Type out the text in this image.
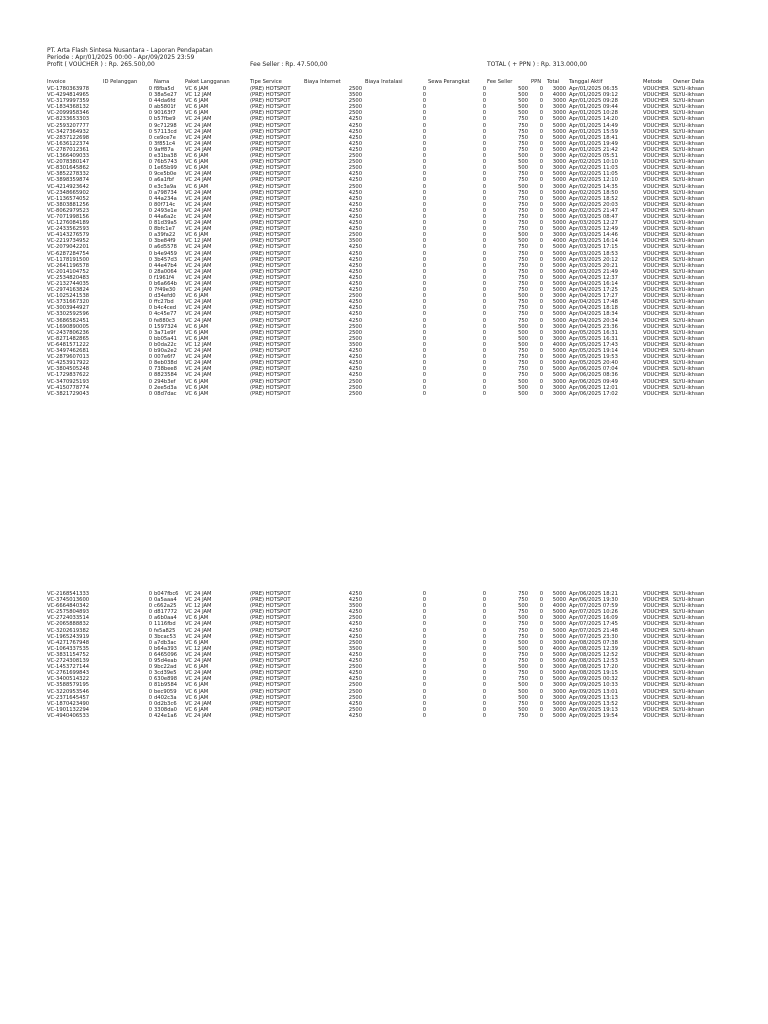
PT. Arta Flash Sintesa Nusantara - Laporan Pendapatan
Periode : Apr/01/2025 00:00 - Apr/09/2025 23:59
Profit ( VOUCHER ) : Rp. 265.500,00	Fee Seller : Rp. 47.500,00	TOTAL ( + PPN ) : Rp. 313.000,00
Invoice	ID Pelanggan	Nama	Paket Langganan	Tipe Service	Biaya Internet	Biaya Instalasi	Sewa Perangkat	Fee Seller	PPN Total Tanggal Aktif	Metode Owner Data
VC-1780363978	0 f8fba5d	VC 6 JAM	(PRE) HOTSPOT	2500	0	0	500	0	3000 Apr/01/2025 06:35	VOUCHER SLYU-ikhsan
VC-4294814965	0 38a5e27	VC 12 JAM	(PRE) HOTSPOT	3500	0	0	500	0	4000 Apr/01/2025 09:12	VOUCHER SLYU-ikhsan
VC-3179997359	0 44da6fd	VC 6 JAM	(PRE) HOTSPOT	2500	0	0	500	0	3000 Apr/01/2025 09:28	VOUCHER SLYU-ikhsan
VC-1834368132	0 ab5801f	VC 6 JAM	(PRE) HOTSPOT	2500	0	0	500	0	3000 Apr/01/2025 09:44	VOUCHER SLYU-ikhsan
VC-2099958346	0 90163f7	VC 6 JAM	(PRE) HOTSPOT	2500	0	0	500	0	3000 Apr/01/2025 10:28	VOUCHER SLYU-ikhsan
VC-8233653303	0 b57fbe9	VC 24 JAM	(PRE) HOTSPOT	4250	0	0	750	0	5000 Apr/01/2025 14:20	VOUCHER SLYU-ikhsan
VC-2593207777	0 9c71298	VC 24 JAM	(PRE) HOTSPOT	4250	0	0	750	0	5000 Apr/01/2025 14:49	VOUCHER SLYU-ikhsan
VC-3427364932	0 57113cd	VC 24 JAM	(PRE) HOTSPOT	4250	0	0	750	0	5000 Apr/01/2025 15:59	VOUCHER SLYU-ikhsan
VC-2837122698	0 ce9ce7e	VC 24 JAM	(PRE) HOTSPOT	4250	0	0	750	0	5000 Apr/01/2025 18:41	VOUCHER SLYU-ikhsan
VC-1636122374	0 3f851c4	VC 24 JAM	(PRE) HOTSPOT	4250	0	0	750	0	5000 Apr/01/2025 19:49	VOUCHER SLYU-ikhsan
VC-2787012361	0 9aff87a	VC 24 JAM	(PRE) HOTSPOT	4250	0	0	750	0	5000 Apr/01/2025 21:42	VOUCHER SLYU-ikhsan
VC-1366409033	0 e31ba38	VC 6 JAM	(PRE) HOTSPOT	2500	0	0	500	0	3000 Apr/02/2025 05:51	VOUCHER SLYU-ikhsan
VC-2078380147	0 76b5743	VC 6 JAM	(PRE) HOTSPOT	2500	0	0	500	0	3000 Apr/02/2025 10:10	VOUCHER SLYU-ikhsan
VC-8301645862	0 1e65b99	VC 6 JAM	(PRE) HOTSPOT	2500	0	0	500	0	3000 Apr/02/2025 11:03	VOUCHER SLYU-ikhsan
VC-3852278332	0 9ce5b0e	VC 24 JAM	(PRE) HOTSPOT	4250	0	0	750	0	5000 Apr/02/2025 11:05	VOUCHER SLYU-ikhsan
VC-3898359874	0 a6a1fbf	VC 24 JAM	(PRE) HOTSPOT	4250	0	0	750	0	5000 Apr/02/2025 12:10	VOUCHER SLYU-ikhsan
VC-4214923642	0 e3c3a9a	VC 6 JAM	(PRE) HOTSPOT	2500	0	0	500	0	3000 Apr/02/2025 14:35	VOUCHER SLYU-ikhsan
VC-2348665902	0 a798734	VC 24 JAM	(PRE) HOTSPOT	4250	0	0	750	0	5000 Apr/02/2025 18:50	VOUCHER SLYU-ikhsan
VC-1136574052	0 44a234a	VC 24 JAM	(PRE) HOTSPOT	4250	0	0	750	0	5000 Apr/02/2025 18:52	VOUCHER SLYU-ikhsan
VC-3803881256	0 80f714c	VC 24 JAM	(PRE) HOTSPOT	4250	0	0	750	0	5000 Apr/02/2025 20:03	VOUCHER SLYU-ikhsan
VC-8062979523	0 2493e1e	VC 24 JAM	(PRE) HOTSPOT	4250	0	0	750	0	5000 Apr/02/2025 21:47	VOUCHER SLYU-ikhsan
VC-7071998156	0 44a6a2c	VC 24 JAM	(PRE) HOTSPOT	4250	0	0	750	0	5000 Apr/03/2025 08:47	VOUCHER SLYU-ikhsan
VC-1276084189	0 81d39a5	VC 24 JAM	(PRE) HOTSPOT	4250	0	0	750	0	5000 Apr/03/2025 12:27	VOUCHER SLYU-ikhsan
VC-2433562593	0 8bfc1e7	VC 24 JAM	(PRE) HOTSPOT	4250	0	0	750	0	5000 Apr/03/2025 12:49	VOUCHER SLYU-ikhsan
VC-4143276579	0 a39fa22	VC 6 JAM	(PRE) HOTSPOT	2500	0	0	500	0	3000 Apr/03/2025 14:46	VOUCHER SLYU-ikhsan
VC-2219734952	0 3be84f9	VC 12 JAM	(PRE) HOTSPOT	3500	0	0	500	0	4000 Apr/03/2025 16:14	VOUCHER SLYU-ikhsan
VC-2079042201	0 a6d5578	VC 24 JAM	(PRE) HOTSPOT	4250	0	0	750	0	5000 Apr/03/2025 17:15	VOUCHER SLYU-ikhsan
VC-6287284754	0 b4e9459	VC 24 JAM	(PRE) HOTSPOT	4250	0	0	750	0	5000 Apr/03/2025 18:53	VOUCHER SLYU-ikhsan
VC-1178191500	0 3b457d3	VC 24 JAM	(PRE) HOTSPOT	4250	0	0	750	0	5000 Apr/03/2025 20:12	VOUCHER SLYU-ikhsan
VC-2641196578	0 44e47b4	VC 24 JAM	(PRE) HOTSPOT	4250	0	0	750	0	5000 Apr/03/2025 20:21	VOUCHER SLYU-ikhsan
VC-2014104752	0 28a0064	VC 24 JAM	(PRE) HOTSPOT	4250	0	0	750	0	5000 Apr/03/2025 21:49	VOUCHER SLYU-ikhsan
VC-2534820483	0 f1961f4	VC 24 JAM	(PRE) HOTSPOT	4250	0	0	750	0	5000 Apr/04/2025 12:37	VOUCHER SLYU-ikhsan
VC-2132744035	0 b6a664b	VC 24 JAM	(PRE) HOTSPOT	4250	0	0	750	0	5000 Apr/04/2025 16:14	VOUCHER SLYU-ikhsan
VC-2974163824	0 7f49e30	VC 24 JAM	(PRE) HOTSPOT	4250	0	0	750	0	5000 Apr/04/2025 17:25	VOUCHER SLYU-ikhsan
VC-1025241538	0 d34efd0	VC 6 JAM	(PRE) HOTSPOT	2500	0	0	500	0	3000 Apr/04/2025 17:27	VOUCHER SLYU-ikhsan
VC-3731667320	0 ffc27bd	VC 24 JAM	(PRE) HOTSPOT	4250	0	0	750	0	5000 Apr/04/2025 17:48	VOUCHER SLYU-ikhsan
VC-3003944927	0 b4c4ced	VC 24 JAM	(PRE) HOTSPOT	4250	0	0	750	0	5000 Apr/04/2025 18:18	VOUCHER SLYU-ikhsan
VC-3302592596	0 4c45e77	VC 24 JAM	(PRE) HOTSPOT	4250	0	0	750	0	5000 Apr/04/2025 18:34	VOUCHER SLYU-ikhsan
VC-3686582451	0 fe880c3	VC 24 JAM	(PRE) HOTSPOT	4250	0	0	750	0	5000 Apr/04/2025 20:34	VOUCHER SLYU-ikhsan
VC-1690890005	0 1597324	VC 6 JAM	(PRE) HOTSPOT	2500	0	0	500	0	3000 Apr/04/2025 23:36	VOUCHER SLYU-ikhsan
VC-2437806236	0 3a71e9f	VC 6 JAM	(PRE) HOTSPOT	2500	0	0	500	0	3000 Apr/05/2025 16:31	VOUCHER SLYU-ikhsan
VC-8271482865	0 bb05a41	VC 6 JAM	(PRE) HOTSPOT	2500	0	0	500	0	3000 Apr/05/2025 16:31	VOUCHER SLYU-ikhsan
VC-6481571222	0 b0da22c	VC 12 JAM	(PRE) HOTSPOT	3500	0	0	500	0	4000 Apr/05/2025 17:43	VOUCHER SLYU-ikhsan
VC-3497462681	0 b90a2e2	VC 24 JAM	(PRE) HOTSPOT	4250	0	0	750	0	5000 Apr/05/2025 19:14	VOUCHER SLYU-ikhsan
VC-2879607013	0 007e6f7	VC 24 JAM	(PRE) HOTSPOT	4250	0	0	750	0	5000 Apr/05/2025 19:53	VOUCHER SLYU-ikhsan
VC-4253917922	0 8eb038d	VC 24 JAM	(PRE) HOTSPOT	4250	0	0	750	0	5000 Apr/05/2025 20:40	VOUCHER SLYU-ikhsan
VC-3804505248	0 738bee8	VC 24 JAM	(PRE) HOTSPOT	4250	0	0	750	0	5000 Apr/06/2025 07:04	VOUCHER SLYU-ikhsan
VC-1729837622	0 8823584	VC 24 JAM	(PRE) HOTSPOT	4250	0	0	750	0	5000 Apr/06/2025 08:36	VOUCHER SLYU-ikhsan
VC-3470925193	0 294b3ef	VC 6 JAM	(PRE) HOTSPOT	2500	0	0	500	0	3000 Apr/06/2025 09:49	VOUCHER SLYU-ikhsan
VC-4150778774	0 2ee5d3a	VC 6 JAM	(PRE) HOTSPOT	2500	0	0	500	0	3000 Apr/06/2025 12:01	VOUCHER SLYU-ikhsan
VC-3821729043	0 08d7dac	VC 6 JAM	(PRE) HOTSPOT	2500	0	0	500	0	3000 Apr/06/2025 17:02	VOUCHER SLYU-ikhsan
VC-2168541333	0 b047fbc6	VC 24 JAM	(PRE) HOTSPOT	4250	0	0	750	0	5000 Apr/06/2025 18:21	VOUCHER SLYU-ikhsan
VC-3745013600	0 0a5aaa4	VC 24 JAM	(PRE) HOTSPOT	4250	0	0	750	0	5000 Apr/06/2025 19:30	VOUCHER SLYU-ikhsan
VC-6664840342	0 c662a25	VC 12 JAM	(PRE) HOTSPOT	3500	0	0	500	0	4000 Apr/07/2025 07:59	VOUCHER SLYU-ikhsan
VC-2575804893	0 d817772	VC 24 JAM	(PRE) HOTSPOT	4250	0	0	750	0	5000 Apr/07/2025 10:26	VOUCHER SLYU-ikhsan
VC-2724033514	0 a6b0aa4	VC 6 JAM	(PRE) HOTSPOT	2500	0	0	500	0	3000 Apr/07/2025 16:09	VOUCHER SLYU-ikhsan
VC-2065888832	0 1116fbd	VC 24 JAM	(PRE) HOTSPOT	4250	0	0	750	0	5000 Apr/07/2025 17:45	VOUCHER SLYU-ikhsan
VC-3202619382	0 fe5a825	VC 24 JAM	(PRE) HOTSPOT	4250	0	0	750	0	5000 Apr/07/2025 21:48	VOUCHER SLYU-ikhsan
VC-1965243919	0 3bcac53	VC 24 JAM	(PRE) HOTSPOT	4250	0	0	750	0	5000 Apr/07/2025 23:30	VOUCHER SLYU-ikhsan
VC-4271767948	0 a7db3ac	VC 6 JAM	(PRE) HOTSPOT	2500	0	0	500	0	3000 Apr/08/2025 07:38	VOUCHER SLYU-ikhsan
VC-1064337535	0 b64a393	VC 12 JAM	(PRE) HOTSPOT	3500	0	0	500	0	4000 Apr/08/2025 12:39	VOUCHER SLYU-ikhsan
VC-3831154752	0 6465096	VC 24 JAM	(PRE) HOTSPOT	4250	0	0	750	0	5000 Apr/08/2025 12:52	VOUCHER SLYU-ikhsan
VC-2724308139	0 95d4eab	VC 24 JAM	(PRE) HOTSPOT	4250	0	0	750	0	5000 Apr/08/2025 12:53	VOUCHER SLYU-ikhsan
VC-1453727144	0 9bc22ad	VC 6 JAM	(PRE) HOTSPOT	2500	0	0	500	0	3000 Apr/08/2025 17:20	VOUCHER SLYU-ikhsan
VC-2761699843	0 3cd39e5	VC 24 JAM	(PRE) HOTSPOT	4250	0	0	750	0	5000 Apr/08/2025 19:15	VOUCHER SLYU-ikhsan
VC-3400514322	0 630e898	VC 24 JAM	(PRE) HOTSPOT	4250	0	0	750	0	5000 Apr/09/2025 00:32	VOUCHER SLYU-ikhsan
VC-3588579195	0 81b9584	VC 6 JAM	(PRE) HOTSPOT	2500	0	0	500	0	3000 Apr/09/2025 10:33	VOUCHER SLYU-ikhsan
VC-3220953546	0 bec9059	VC 6 JAM	(PRE) HOTSPOT	2500	0	0	500	0	3000 Apr/09/2025 13:01	VOUCHER SLYU-ikhsan
VC-2371645457	0 d402c3a	VC 6 JAM	(PRE) HOTSPOT	2500	0	0	500	0	3000 Apr/09/2025 13:13	VOUCHER SLYU-ikhsan
VC-1870423490	0 0d2b3c6	VC 24 JAM	(PRE) HOTSPOT	4250	0	0	750	0	5000 Apr/09/2025 13:52	VOUCHER SLYU-ikhsan
VC-1901132294	0 3308da0	VC 6 JAM	(PRE) HOTSPOT	2500	0	0	500	0	3000 Apr/09/2025 19:13	VOUCHER SLYU-ikhsan
VC-4940406533	0 424e1a6	VC 24 JAM	(PRE) HOTSPOT	4250	0	0	750	0	5000 Apr/09/2025 19:54	VOUCHER SLYU-ikhsan
